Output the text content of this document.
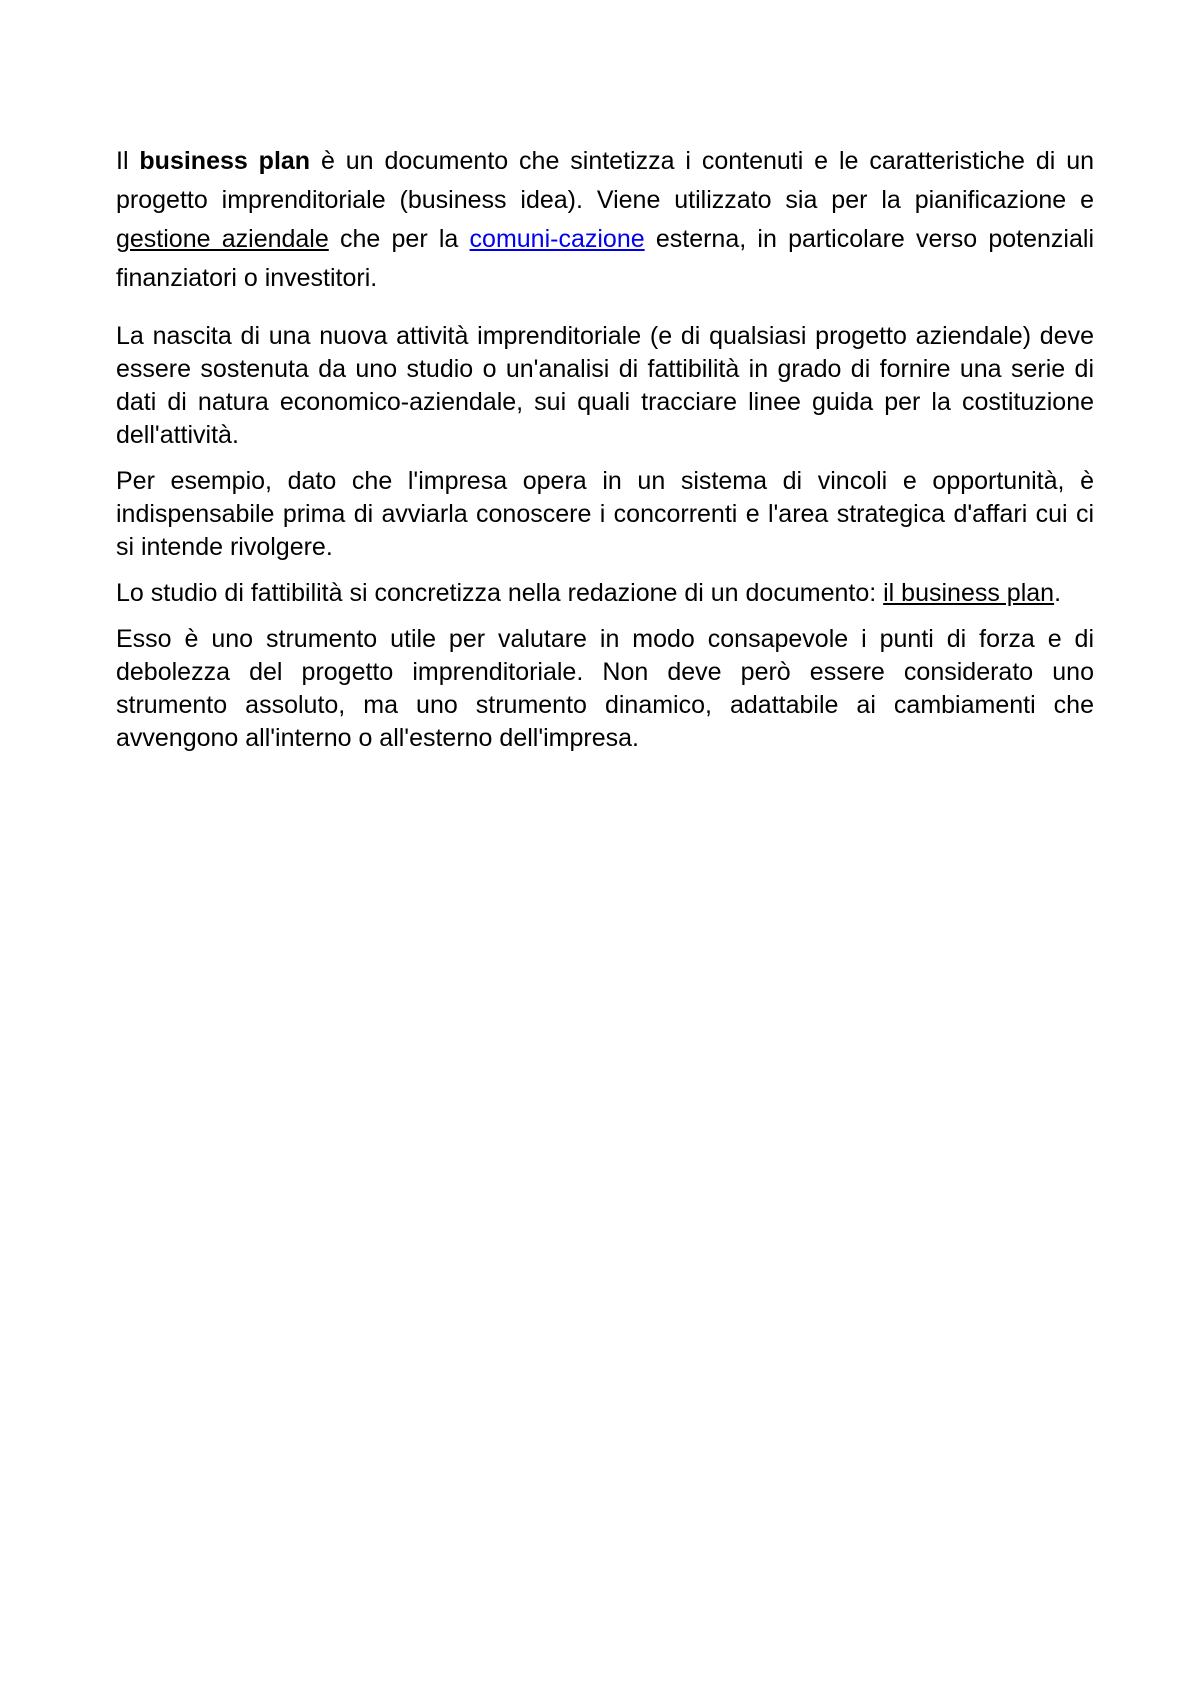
Il business plan è un documento che sintetizza i contenuti e le caratteristiche di un progetto imprenditoriale (business idea). Viene utilizzato sia per la pianificazione e gestione aziendale che per la comuni-cazione esterna, in particolare verso potenziali finanziatori o investitori.

La nascita di una nuova attività imprenditoriale (e di qualsiasi progetto aziendale) deve essere sostenuta da uno studio o un'analisi di fattibilità in grado di fornire una serie di dati di natura economico-aziendale, sui quali tracciare linee guida per la costituzione dell'attività.

Per esempio, dato che l'impresa opera in un sistema di vincoli e opportunità, è indispensabile prima di avviarla conoscere i concorrenti e l'area strategica d'affari cui ci si intende rivolgere.

Lo studio di fattibilità si concretizza nella redazione di un documento: il business plan.

Esso è uno strumento utile per valutare in modo consapevole i punti di forza e di debolezza del progetto imprenditoriale. Non deve però essere considerato uno strumento assoluto, ma uno strumento dinamico, adattabile ai cambiamenti che avvengono all'interno o all'esterno dell'impresa.
